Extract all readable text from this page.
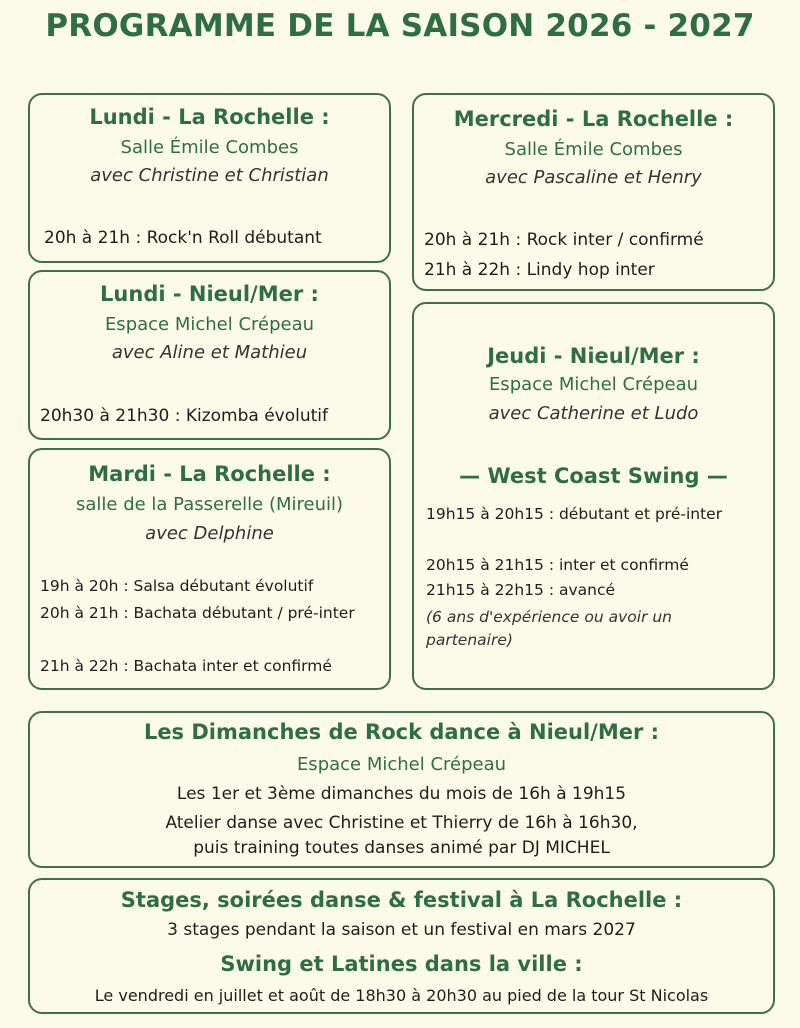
PROGRAMME DE LA SAISON 2026 - 2027
Lundi - La Rochelle :
Salle Émile Combes
avec Christine et Christian
20h à 21h : Rock'n Roll débutant
Mercredi - La Rochelle :
Salle Émile Combes
avec Pascaline et Henry
20h à 21h : Rock inter / confirmé
21h à 22h : Lindy hop inter
Lundi - Nieul/Mer :
Espace Michel Crépeau
avec Aline et Mathieu
20h30 à 21h30 : Kizomba évolutif
Jeudi - Nieul/Mer :
Espace Michel Crépeau
avec Catherine et Ludo
— West Coast Swing —
19h15 à 20h15 : débutant et pré-inter
20h15 à 21h15 : inter et confirmé
21h15 à 22h15 : avancé
(6 ans d'expérience ou avoir un partenaire)
Mardi - La Rochelle :
salle de la Passerelle (Mireuil)
avec Delphine
19h à 20h : Salsa débutant évolutif
20h à 21h : Bachata débutant / pré-inter
21h à 22h : Bachata inter et confirmé
Les Dimanches de Rock dance à Nieul/Mer :
Espace Michel Crépeau
Les 1er et 3ème dimanches du mois de 16h à 19h15
Atelier danse avec Christine et Thierry de 16h à 16h30,
puis training toutes danses animé par DJ MICHEL
Stages, soirées danse & festival à La Rochelle :
3 stages pendant la saison et un festival en mars 2027
Swing et Latines dans la ville :
Le vendredi en juillet et août de 18h30 à 20h30 au pied de la tour St Nicolas
